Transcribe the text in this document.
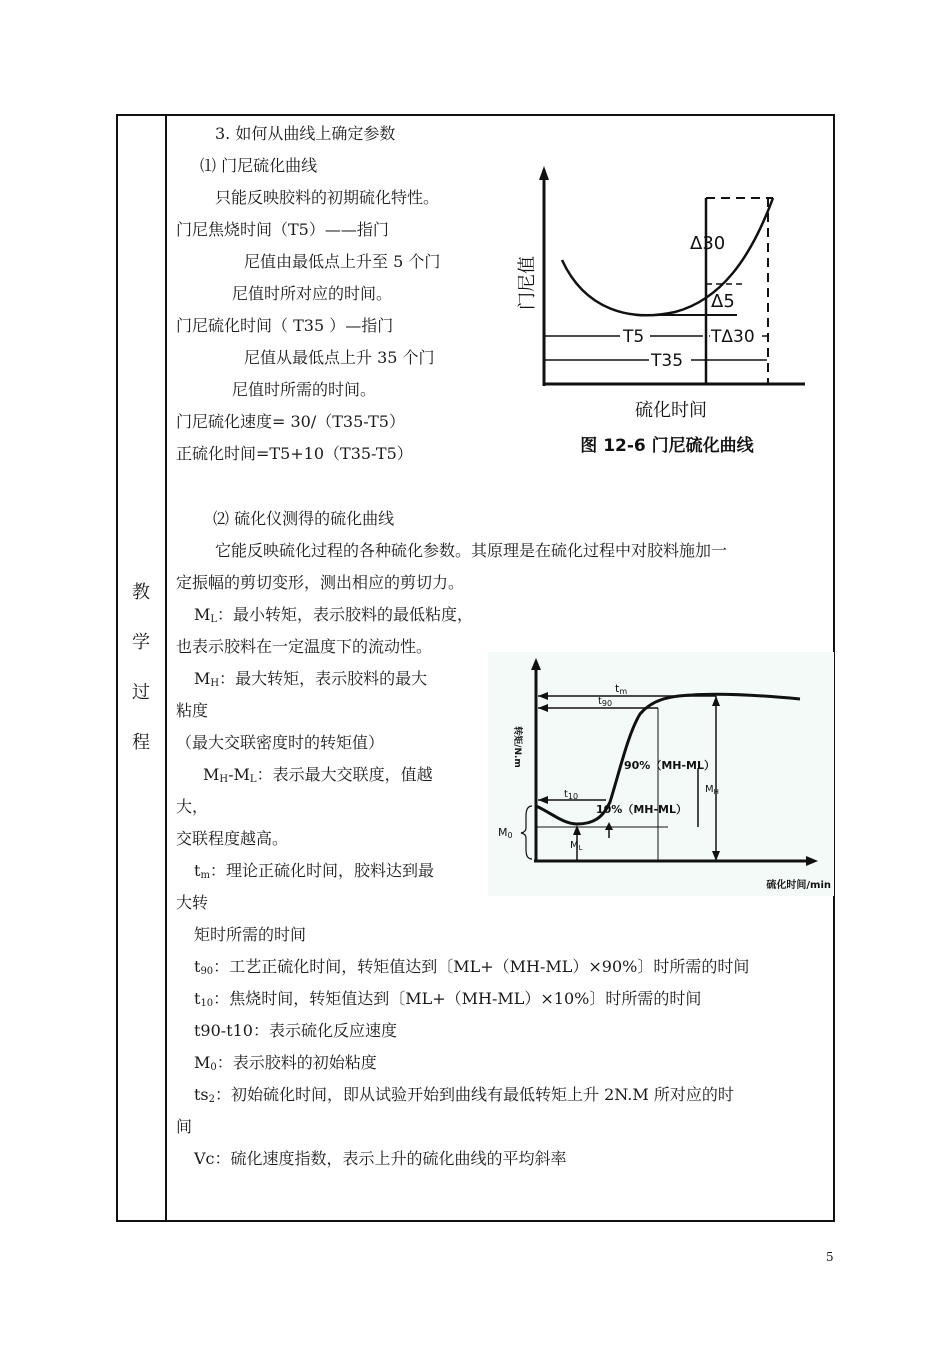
教
学
过
程
3. 如何从曲线上确定参数
⑴ 门尼硫化曲线
只能反映胶料的初期硫化特性。
门尼焦烧时间（T5）——指门
尼值由最低点上升至 5 个门
尼值时所对应的时间。
门尼硫化时间（ T35 ）—指门
尼值从最低点上升 35 个门
尼值时所需的时间。
门尼硫化速度= 30/（T35-T5）
正硫化时间=T5+10（T35-T5）
门尼值
Δ30
Δ5
T5	TΔ30
T35
硫化时间
图 12-6 门尼硫化曲线
⑵ 硫化仪测得的硫化曲线
它能反映硫化过程的各种硫化参数。其原理是在硫化过程中对胶料施加一
定振幅的剪切变形，测出相应的剪切力。
$M_L$：最小转矩，表示胶料的最低粘度，
也表示胶料在一定温度下的流动性。
$M_H$：最大转矩，表示胶料的最大
粘度
（最大交联密度时的转矩值）
$M_H-M_L$：表示最大交联度，值越
大，
交联程度越高。
$t_m$：理论正硫化时间，胶料达到最
大转
矩时所需的时间
$t_{90}$：工艺正硫化时间，转矩值达到〔ML+（MH-ML）×90%〕时所需的时间
$t_{10}$：焦烧时间，转矩值达到〔ML+（MH-ML）×10%〕时所需的时间
t90-t10：表示硫化反应速度
$M_0$：表示胶料的初始粘度
$ts_2$：初始硫化时间，即从试验开始到曲线有最低转矩上升 2N.M 所对应的时
间
Vc：硫化速度指数，表示上升的硫化曲线的平均斜率
转矩/N.m
硫化时间/min
tm
$t_{90}$
$t_{10}$
$M_H$
90%（MH-ML）
10%（MH-ML）
$M_L$
M0
5
